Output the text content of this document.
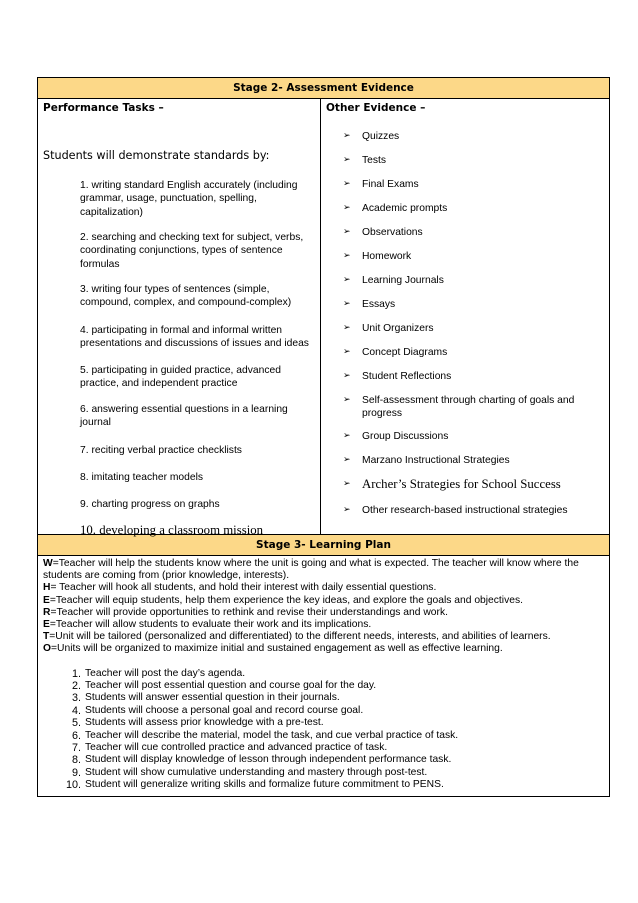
Stage 2- Assessment Evidence
Performance Tasks –
Students will demonstrate standards by:
1. writing standard English accurately (including grammar, usage, punctuation, spelling, capitalization)
2. searching and checking text for subject, verbs, coordinating conjunctions, types of sentence formulas
3. writing four types of sentences (simple, compound, complex, and compound-complex)
4. participating in formal and informal written presentations and discussions of issues and ideas
5. participating in guided practice, advanced practice, and independent practice
6. answering essential questions in a learning journal
7. reciting verbal practice checklists
8. imitating teacher models
9. charting progress on graphs
10. developing a classroom mission
Other Evidence –
➢	Quizzes
➢	Tests
➢	Final Exams
➢	Academic prompts
➢	Observations
➢	Homework
➢	Learning Journals
➢	Essays
➢	Unit Organizers
➢	Concept Diagrams
➢	Student Reflections
➢	Self-assessment through charting of goals and progress
➢	Group Discussions
➢	Marzano Instructional Strategies
➢ Archer’s Strategies for School Success
➢	Other research-based instructional strategies
Stage 3- Learning Plan
W=Teacher will help the students know where the unit is going and what is expected. The teacher will know where the students are coming from (prior knowledge, interests).
H= Teacher will hook all students, and hold their interest with daily essential questions.
E=Teacher will equip students, help them experience the key ideas, and explore the goals and objectives.
R=Teacher will provide opportunities to rethink and revise their understandings and work.
E=Teacher will allow students to evaluate their work and its implications.
T=Unit will be tailored (personalized and differentiated) to the different needs, interests, and abilities of learners.
O=Units will be organized to maximize initial and sustained engagement as well as effective learning.
1. Teacher will post the day’s agenda.
2. Teacher will post essential question and course goal for the day.
3. Students will answer essential question in their journals.
4. Students will choose a personal goal and record course goal.
5. Students will assess prior knowledge with a pre-test.
6. Teacher will describe the material, model the task, and cue verbal practice of task.
7. Teacher will cue controlled practice and advanced practice of task.
8. Student will display knowledge of lesson through independent performance task.
9. Student will show cumulative understanding and mastery through post-test.
10. Student will generalize writing skills and formalize future commitment to PENS.
